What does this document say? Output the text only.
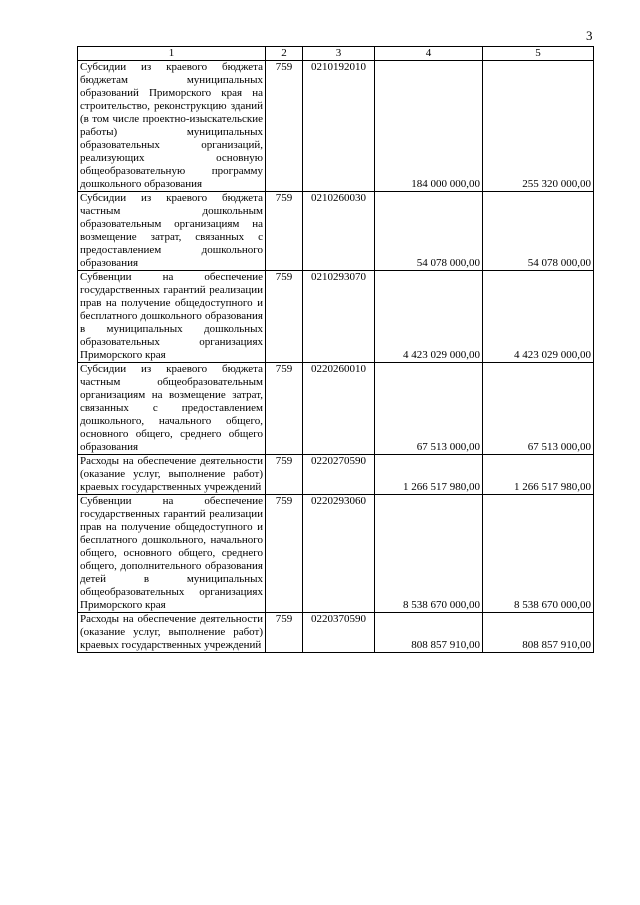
3
1	2	3	4	5
Субсидии из краевого бюджета бюджетам муниципальных образований Приморского края на строительство, реконструкцию зданий (в том числе проектно-изыскательские работы) муниципальных образовательных организаций, реализующих основную общеобразовательную программу дошкольного образования	759	0210192010	184 000 000,00	255 320 000,00
Субсидии из краевого бюджета частным дошкольным образовательным организациям на возмещение затрат, связанных с предоставлением дошкольного образования	759	0210260030	54 078 000,00	54 078 000,00
Субвенции на обеспечение государственных гарантий реализации прав на получение общедоступного и бесплатного дошкольного образования в муниципальных дошкольных образовательных организациях Приморского края	759	0210293070	4 423 029 000,00	4 423 029 000,00
Субсидии из краевого бюджета частным общеобразовательным организациям на возмещение затрат, связанных с предоставлением дошкольного, начального общего, основного общего, среднего общего образования	759	0220260010	67 513 000,00	67 513 000,00
Расходы на обеспечение деятельности (оказание услуг, выполнение работ) краевых государственных учреждений	759	0220270590	1 266 517 980,00	1 266 517 980,00
Субвенции на обеспечение государственных гарантий реализации прав на получение общедоступного и бесплатного дошкольного, начального общего, основного общего, среднего общего, дополнительного образования детей в муниципальных общеобразовательных организациях Приморского края	759	0220293060	8 538 670 000,00	8 538 670 000,00
Расходы на обеспечение деятельности (оказание услуг, выполнение работ) краевых государственных учреждений	759	0220370590	808 857 910,00	808 857 910,00
